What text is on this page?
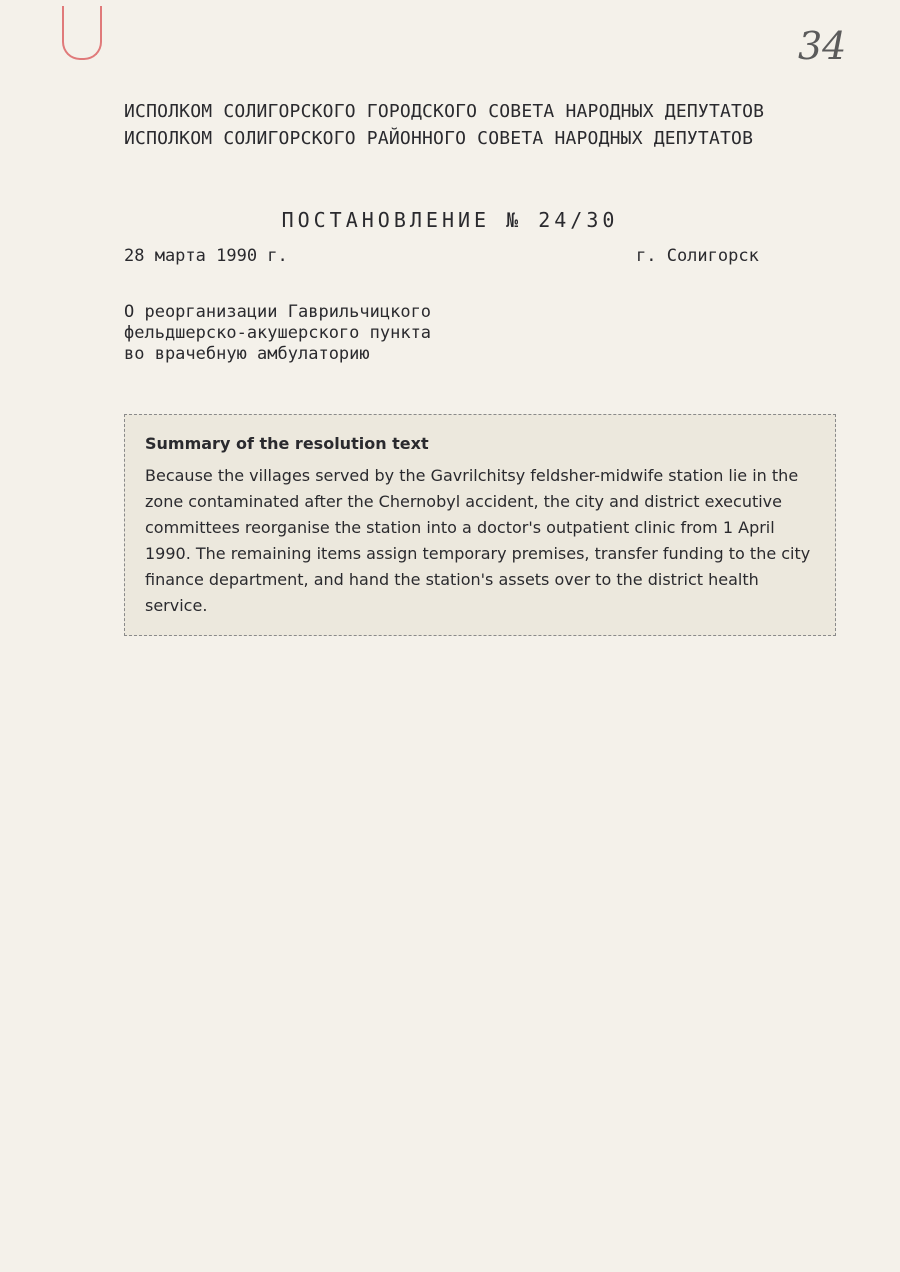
34
ИСПОЛКОМ СОЛИГОРСКОГО ГОРОДСКОГО СОВЕТА НАРОДНЫХ ДЕПУТАТОВ
ИСПОЛКОМ СОЛИГОРСКОГО РАЙОННОГО СОВЕТА НАРОДНЫХ ДЕПУТАТОВ
ПОСТАНОВЛЕНИЕ № 24/30
28 марта 1990 г.	г. Солигорск
О реорганизации Гаврильчицкого
фельдшерско-акушерского пункта
во врачебную амбулаторию
Summary of the resolution text

Because the villages served by the Gavrilchitsy feldsher-midwife station lie in the zone contaminated after the Chernobyl accident, the city and district executive committees reorganise the station into a doctor's outpatient clinic from 1 April 1990. The remaining items assign temporary premises, transfer funding to the city finance department, and hand the station's assets over to the district health service.
